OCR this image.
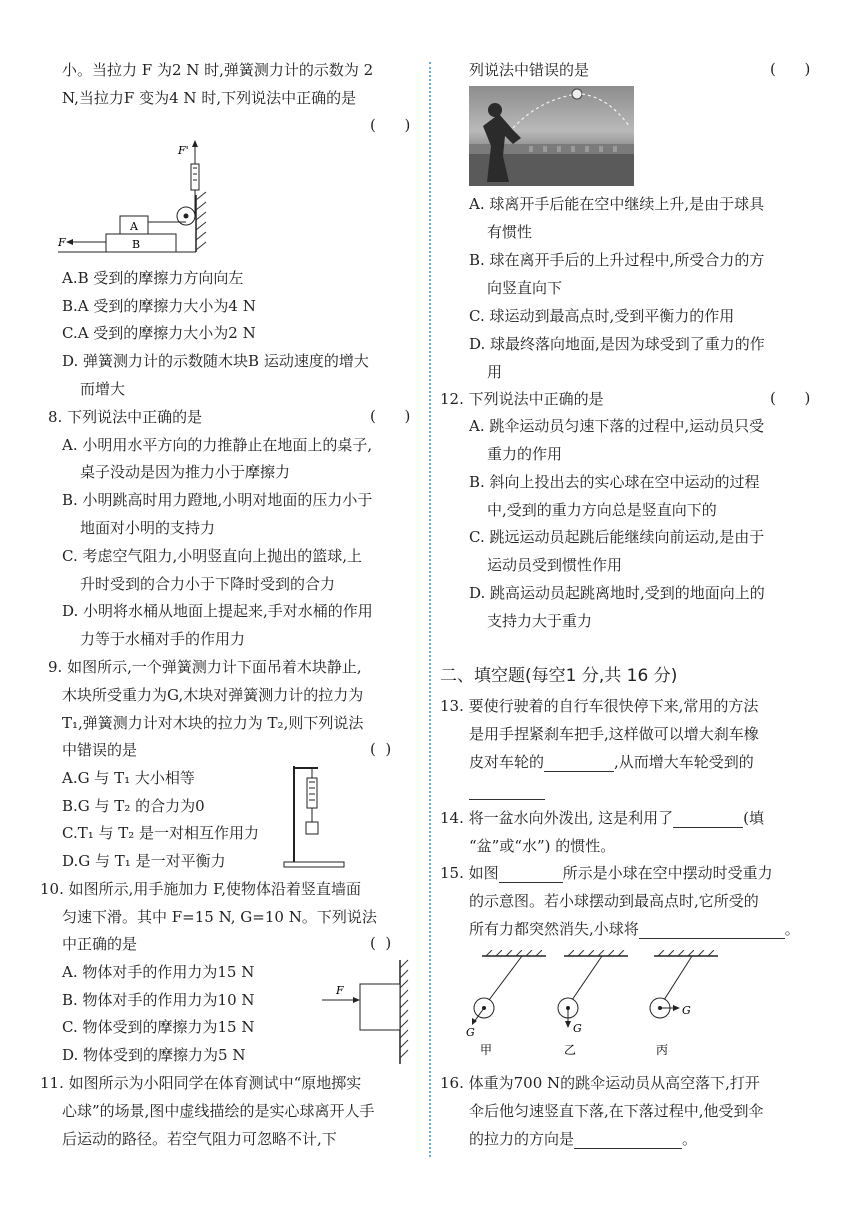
小。当拉力 F 为2 N 时,弹簧测力计的示数为 2
N,当拉力F 变为4 N 时,下列说法中正确的是
(      )
B
A
F'
F
A.B 受到的摩擦力方向向左
B.A 受到的摩擦力大小为4 N
C.A 受到的摩擦力大小为2 N
D. 弹簧测力计的示数随木块B 运动速度的增大
而增大
8. 下列说法中正确的是	(      )
A. 小明用水平方向的力推静止在地面上的桌子,
桌子没动是因为推力小于摩擦力
B. 小明跳高时用力蹬地,小明对地面的压力小于
地面对小明的支持力
C. 考虑空气阻力,小明竖直向上抛出的篮球,上
升时受到的合力小于下降时受到的合力
D. 小明将水桶从地面上提起来,手对水桶的作用
力等于水桶对手的作用力
9. 如图所示,一个弹簧测力计下面吊着木块静止,
木块所受重力为G,木块对弹簧测力计的拉力为
T₁,弹簧测力计对木块的拉力为 T₂,则下列说法
中错误的是	(  )
A.G 与 T₁ 大小相等
B.G 与 T₂ 的合力为0
C.T₁ 与 T₂ 是一对相互作用力
D.G 与 T₁ 是一对平衡力
10. 如图所示,用手施加力 F,使物体沿着竖直墙面
匀速下滑。其中 F=15 N, G=10 N。下列说法
中正确的是	(  )
A. 物体对手的作用力为15 N
B. 物体对手的作用力为10 N
C. 物体受到的摩擦力为15 N
D. 物体受到的摩擦力为5 N
F
11. 如图所示为小阳同学在体育测试中“原地掷实
心球”的场景,图中虚线描绘的是实心球离开人手
后运动的路径。若空气阻力可忽略不计,下
列说法中错误的是	(      )
A. 球离开手后能在空中继续上升,是由于球具
有惯性
B. 球在离开手后的上升过程中,所受合力的方
向竖直向下
C. 球运动到最高点时,受到平衡力的作用
D. 球最终落向地面,是因为球受到了重力的作
用
12. 下列说法中正确的是	(      )
A. 跳伞运动员匀速下落的过程中,运动员只受
重力的作用
B. 斜向上投出去的实心球在空中运动的过程
中,受到的重力方向总是竖直向下的
C. 跳远运动员起跳后能继续向前运动,是由于
运动员受到惯性作用
D. 跳高运动员起跳离地时,受到的地面向上的
支持力大于重力
二、填空题(每空1 分,共 16 分)
13. 要使行驶着的自行车很快停下来,常用的方法
是用手捏紧刹车把手,这样做可以增大刹车橡
皮对车轮的	,从而增大车轮受到的
14. 将一盆水向外泼出, 这是利用了	(填
“盆”或“水”) 的惯性。
15. 如图	所示是小球在空中摆动时受重力
的示意图。若小球摆动到最高点时,它所受的
所有力都突然消失,小球将	。
G
甲
G
乙
G
丙
16. 体重为700 N的跳伞运动员从高空落下,打开
伞后他匀速竖直下落,在下落过程中,他受到伞
的拉力的方向是	。
